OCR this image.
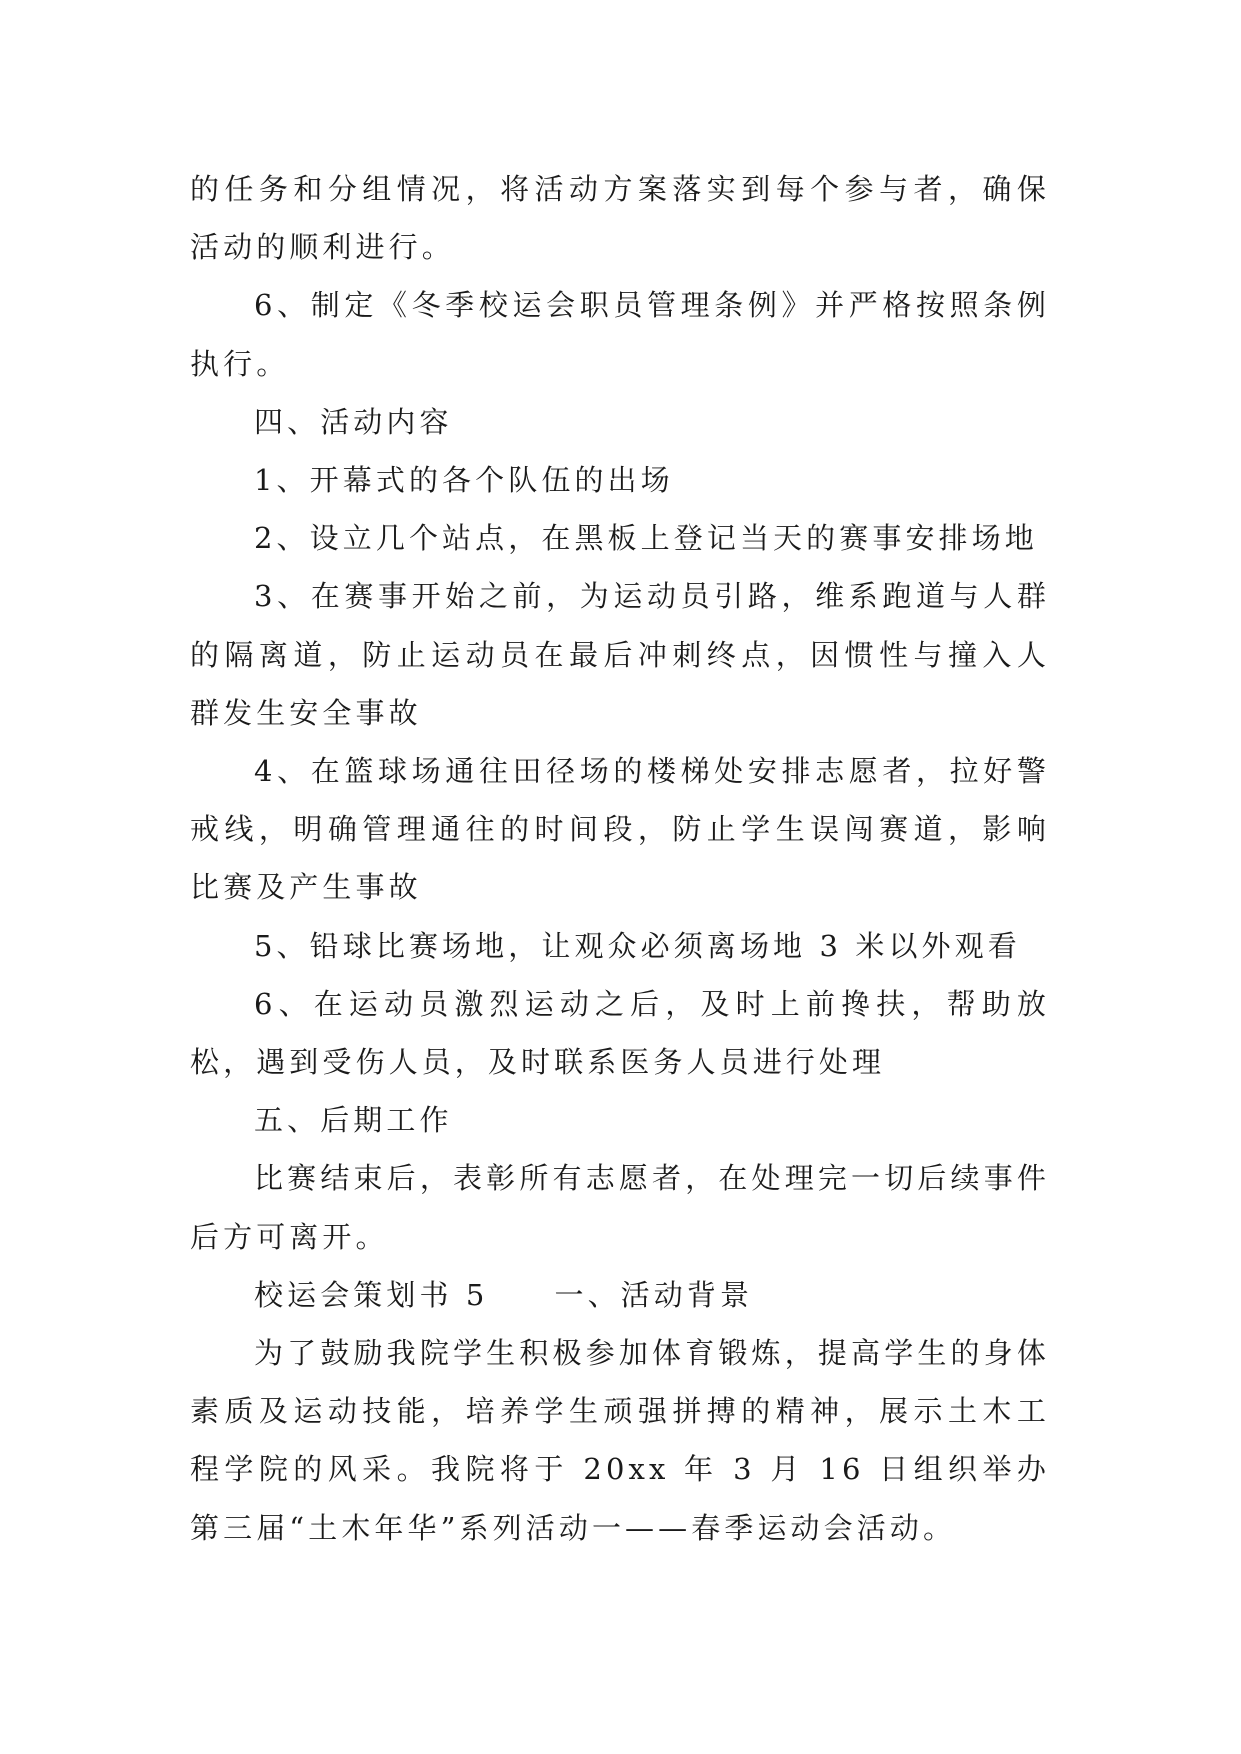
的任务和分组情况，将活动方案落实到每个参与者，确保活动的顺利进行。

6、制定《冬季校运会职员管理条例》并严格按照条例执行。

四、活动内容

1、开幕式的各个队伍的出场

2、设立几个站点，在黑板上登记当天的赛事安排场地

3、在赛事开始之前，为运动员引路，维系跑道与人群的隔离道，防止运动员在最后冲刺终点，因惯性与撞入人群发生安全事故

4、在篮球场通往田径场的楼梯处安排志愿者，拉好警戒线，明确管理通往的时间段，防止学生误闯赛道，影响比赛及产生事故

5、铅球比赛场地，让观众必须离场地 3 米以外观看

6、在运动员激烈运动之后，及时上前搀扶，帮助放松，遇到受伤人员，及时联系医务人员进行处理

五、后期工作

比赛结束后，表彰所有志愿者，在处理完一切后续事件后方可离开。

校运会策划书 5 一、活动背景

为了鼓励我院学生积极参加体育锻炼，提高学生的身体素质及运动技能，培养学生顽强拼搏的精神，展示土木工程学院的风采。我院将于 20xx 年 3 月 16 日组织举办第三届“土木年华”系列活动一——春季运动会活动。
